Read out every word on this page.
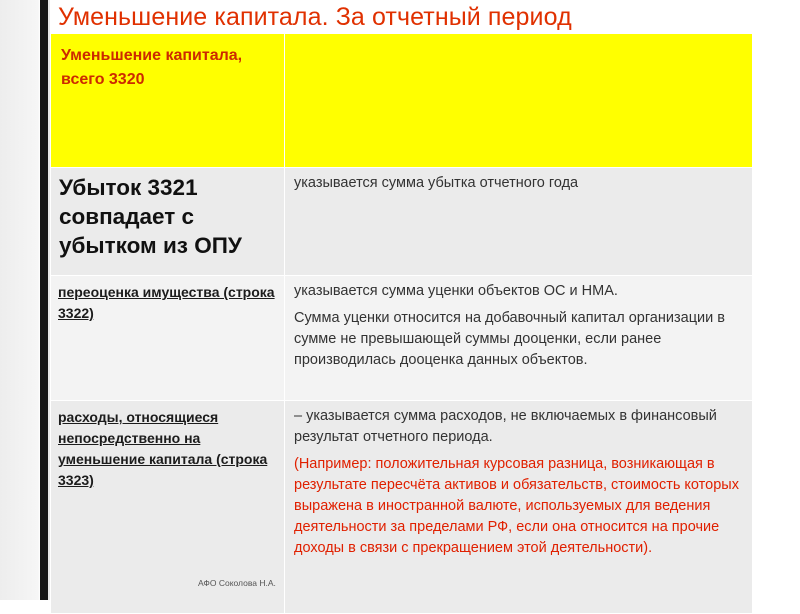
Уменьшение капитала. За отчетный период
Уменьшение капитала, всего 3320	

Убыток 3321 совпадает с убытком из ОПУ	указывается сумма убытка отчетного года

переоценка имущества (строка 3322)	указывается сумма уценки объектов ОС и НМА.

Сумма уценки относится на добавочный капитал организации в сумме не превышающей суммы дооценки, если ранее производилась дооценка данных объектов.

расходы, относящиеся непосредственно на уменьшение капитала (строка 3323)	– указывается сумма расходов, не включаемых в финансовый результат отчетного периода.

(Например: положительная курсовая разница, возникающая в результате пересчёта активов и обязательств, стоимость которых выражена в иностранной валюте, используемых для ведения деятельности за пределами РФ, если она относится на прочие доходы в связи с прекращением этой деятельности).

АФО Соколова Н.А.
